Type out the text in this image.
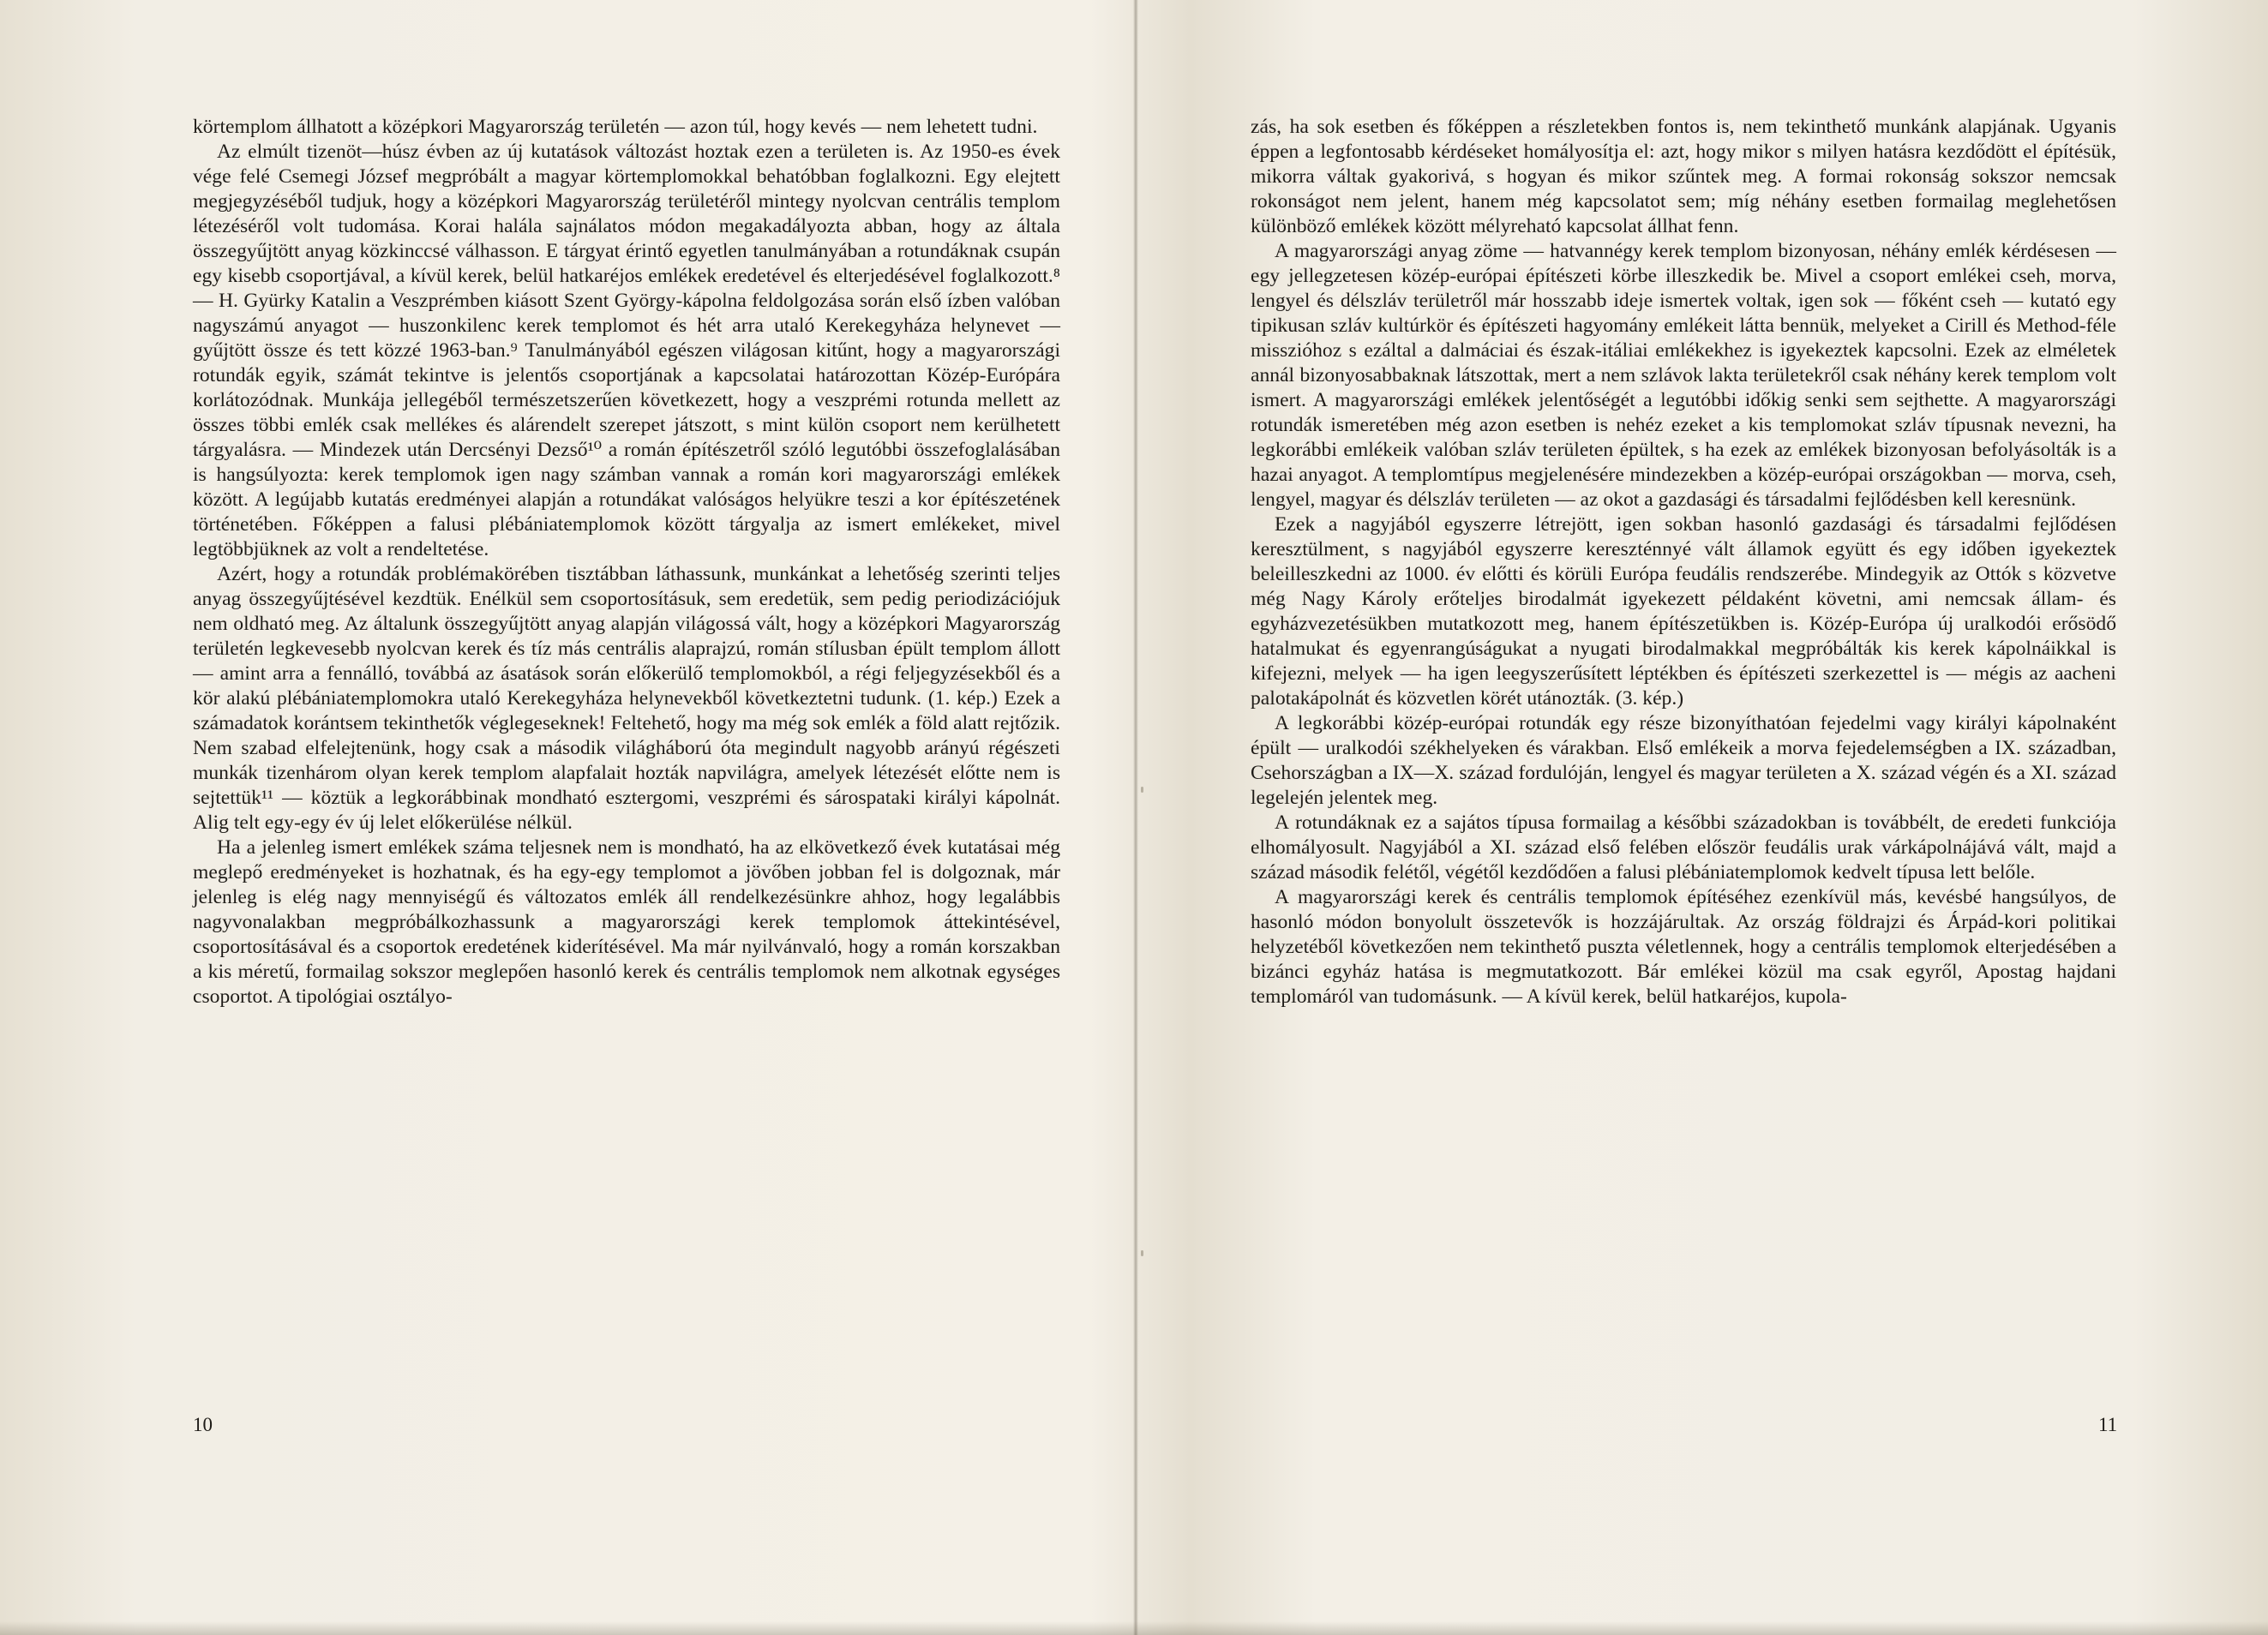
körtemplom állhatott a középkori Magyarország területén — azon túl, hogy kevés — nem lehetett tudni.

Az elmúlt tizenöt—húsz évben az új kutatások változást hoztak ezen a területen is. Az 1950-es évek vége felé Csemegi József megpróbált a magyar körtemplomokkal behatóbban foglalkozni. Egy elejtett megjegyzéséből tudjuk, hogy a középkori Magyarország területéről mintegy nyolcvan centrális templom létezéséről volt tudomása. Korai halála sajnálatos módon megakadályozta abban, hogy az általa összegyűjtött anyag közkinccsé válhasson. E tárgyat érintő egyetlen tanulmányában a rotundáknak csupán egy kisebb csoportjával, a kívül kerek, belül hatkaréjos emlékek eredetével és elterjedésével foglalkozott.⁸ — H. Gyürky Katalin a Veszprémben kiásott Szent György-kápolna feldolgozása során első ízben valóban nagyszámú anyagot — huszonkilenc kerek templomot és hét arra utaló Kerekegyháza helynevet — gyűjtött össze és tett közzé 1963-ban.⁹ Tanulmányából egészen világosan kitűnt, hogy a magyarországi rotundák egyik, számát tekintve is jelentős csoportjának a kapcsolatai határozottan Közép-Európára korlátozódnak. Munkája jellegéből természetszerűen következett, hogy a veszprémi rotunda mellett az összes többi emlék csak mellékes és alárendelt szerepet játszott, s mint külön csoport nem kerülhetett tárgyalásra. — Mindezek után Dercsényi Dezső¹⁰ a román építészetről szóló legutóbbi összefoglalásában is hangsúlyozta: kerek templomok igen nagy számban vannak a román kori magyarországi emlékek között. A legújabb kutatás eredményei alapján a rotundákat valóságos helyükre teszi a kor építészetének történetében. Főképpen a falusi plébániatemplomok között tárgyalja az ismert emlékeket, mivel legtöbbjüknek az volt a rendeltetése.

Azért, hogy a rotundák problémakörében tisztábban láthassunk, munkánkat a lehetőség szerinti teljes anyag összegyűjtésével kezdtük. Enélkül sem csoportosításuk, sem eredetük, sem pedig periodizációjuk nem oldható meg. Az általunk összegyűjtött anyag alapján világossá vált, hogy a középkori Magyarország területén legkevesebb nyolcvan kerek és tíz más centrális alaprajzú, román stílusban épült templom állott — amint arra a fennálló, továbbá az ásatások során előkerülő templomokból, a régi feljegyzésekből és a kör alakú plébániatemplomokra utaló Kerekegyháza helynevekből következtetni tudunk. (1. kép.) Ezek a számadatok korántsem tekinthetők véglegeseknek! Feltehető, hogy ma még sok emlék a föld alatt rejtőzik. Nem szabad elfelejtenünk, hogy csak a második világháború óta megindult nagyobb arányú régészeti munkák tizenhárom olyan kerek templom alapfalait hozták napvilágra, amelyek létezését előtte nem is sejtettük¹¹ — köztük a legkorábbinak mondható esztergomi, veszprémi és sárospataki királyi kápolnát. Alig telt egy-egy év új lelet előkerülése nélkül.

Ha a jelenleg ismert emlékek száma teljesnek nem is mondható, ha az elkövetkező évek kutatásai még meglepő eredményeket is hozhatnak, és ha egy-egy templomot a jövőben jobban fel is dolgoznak, már jelenleg is elég nagy mennyiségű és változatos emlék áll rendelkezésünkre ahhoz, hogy legalábbis nagyvonalakban megpróbálkozhassunk a magyarországi kerek templomok áttekintésével, csoportosításával és a csoportok eredetének kiderítésével. Ma már nyilvánvaló, hogy a román korszakban a kis méretű, formailag sokszor meglepően hasonló kerek és centrális templomok nem alkotnak egységes csoportot. A tipológiai osztályo-

zás, ha sok esetben és főképpen a részletekben fontos is, nem tekinthető munkánk alapjának. Ugyanis éppen a legfontosabb kérdéseket homályosítja el: azt, hogy mikor s milyen hatásra kezdődött el építésük, mikorra váltak gyakorivá, s hogyan és mikor szűntek meg. A formai rokonság sokszor nemcsak rokonságot nem jelent, hanem még kapcsolatot sem; míg néhány esetben formailag meglehetősen különböző emlékek között mélyreható kapcsolat állhat fenn.

A magyarországi anyag zöme — hatvannégy kerek templom bizonyosan, néhány emlék kérdésesen — egy jellegzetesen közép-európai építészeti körbe illeszkedik be. Mivel a csoport emlékei cseh, morva, lengyel és délszláv területről már hosszabb ideje ismertek voltak, igen sok — főként cseh — kutató egy tipikusan szláv kultúrkör és építészeti hagyomány emlékeit látta bennük, melyeket a Cirill és Method-féle misszióhoz s ezáltal a dalmáciai és észak-itáliai emlékekhez is igyekeztek kapcsolni. Ezek az elméletek annál bizonyosabbaknak látszottak, mert a nem szlávok lakta területekről csak néhány kerek templom volt ismert. A magyarországi emlékek jelentőségét a legutóbbi időkig senki sem sejthette. A magyarországi rotundák ismeretében még azon esetben is nehéz ezeket a kis templomokat szláv típusnak nevezni, ha legkorábbi emlékeik valóban szláv területen épültek, s ha ezek az emlékek bizonyosan befolyásolták is a hazai anyagot. A templomtípus megjelenésére mindezekben a közép-európai országokban — morva, cseh, lengyel, magyar és délszláv területen — az okot a gazdasági és társadalmi fejlődésben kell keresnünk.

Ezek a nagyjából egyszerre létrejött, igen sokban hasonló gazdasági és társadalmi fejlődésen keresztülment, s nagyjából egyszerre kereszténnyé vált államok együtt és egy időben igyekeztek beleilleszkedni az 1000. év előtti és körüli Európa feudális rendszerébe. Mindegyik az Ottók s közvetve még Nagy Károly erőteljes birodalmát igyekezett példaként követni, ami nemcsak állam- és egyházvezetésükben mutatkozott meg, hanem építészetükben is. Közép-Európa új uralkodói erősödő hatalmukat és egyenrangúságukat a nyugati birodalmakkal megpróbálták kis kerek kápolnáikkal is kifejezni, melyek — ha igen leegyszerűsített léptékben és építészeti szerkezettel is — mégis az aacheni palotakápolnát és közvetlen körét utánozták. (3. kép.)

A legkorábbi közép-európai rotundák egy része bizonyíthatóan fejedelmi vagy királyi kápolnaként épült — uralkodói székhelyeken és várakban. Első emlékeik a morva fejedelemségben a IX. században, Csehországban a IX—X. század fordulóján, lengyel és magyar területen a X. század végén és a XI. század legelején jelentek meg.

A rotundáknak ez a sajátos típusa formailag a későbbi századokban is továbbélt, de eredeti funkciója elhomályosult. Nagyjából a XI. század első felében először feudális urak várkápolnájává vált, majd a század második felétől, végétől kezdődően a falusi plébániatemplomok kedvelt típusa lett belőle.

A magyarországi kerek és centrális templomok építéséhez ezenkívül más, kevésbé hangsúlyos, de hasonló módon bonyolult összetevők is hozzájárultak. Az ország földrajzi és Árpád-kori politikai helyzetéből következően nem tekinthető puszta véletlennek, hogy a centrális templomok elterjedésében a bizánci egyház hatása is megmutatkozott. Bár emlékei közül ma csak egyről, Apostag hajdani templomáról van tudomásunk. — A kívül kerek, belül hatkaréjos, kupola-

10	11
